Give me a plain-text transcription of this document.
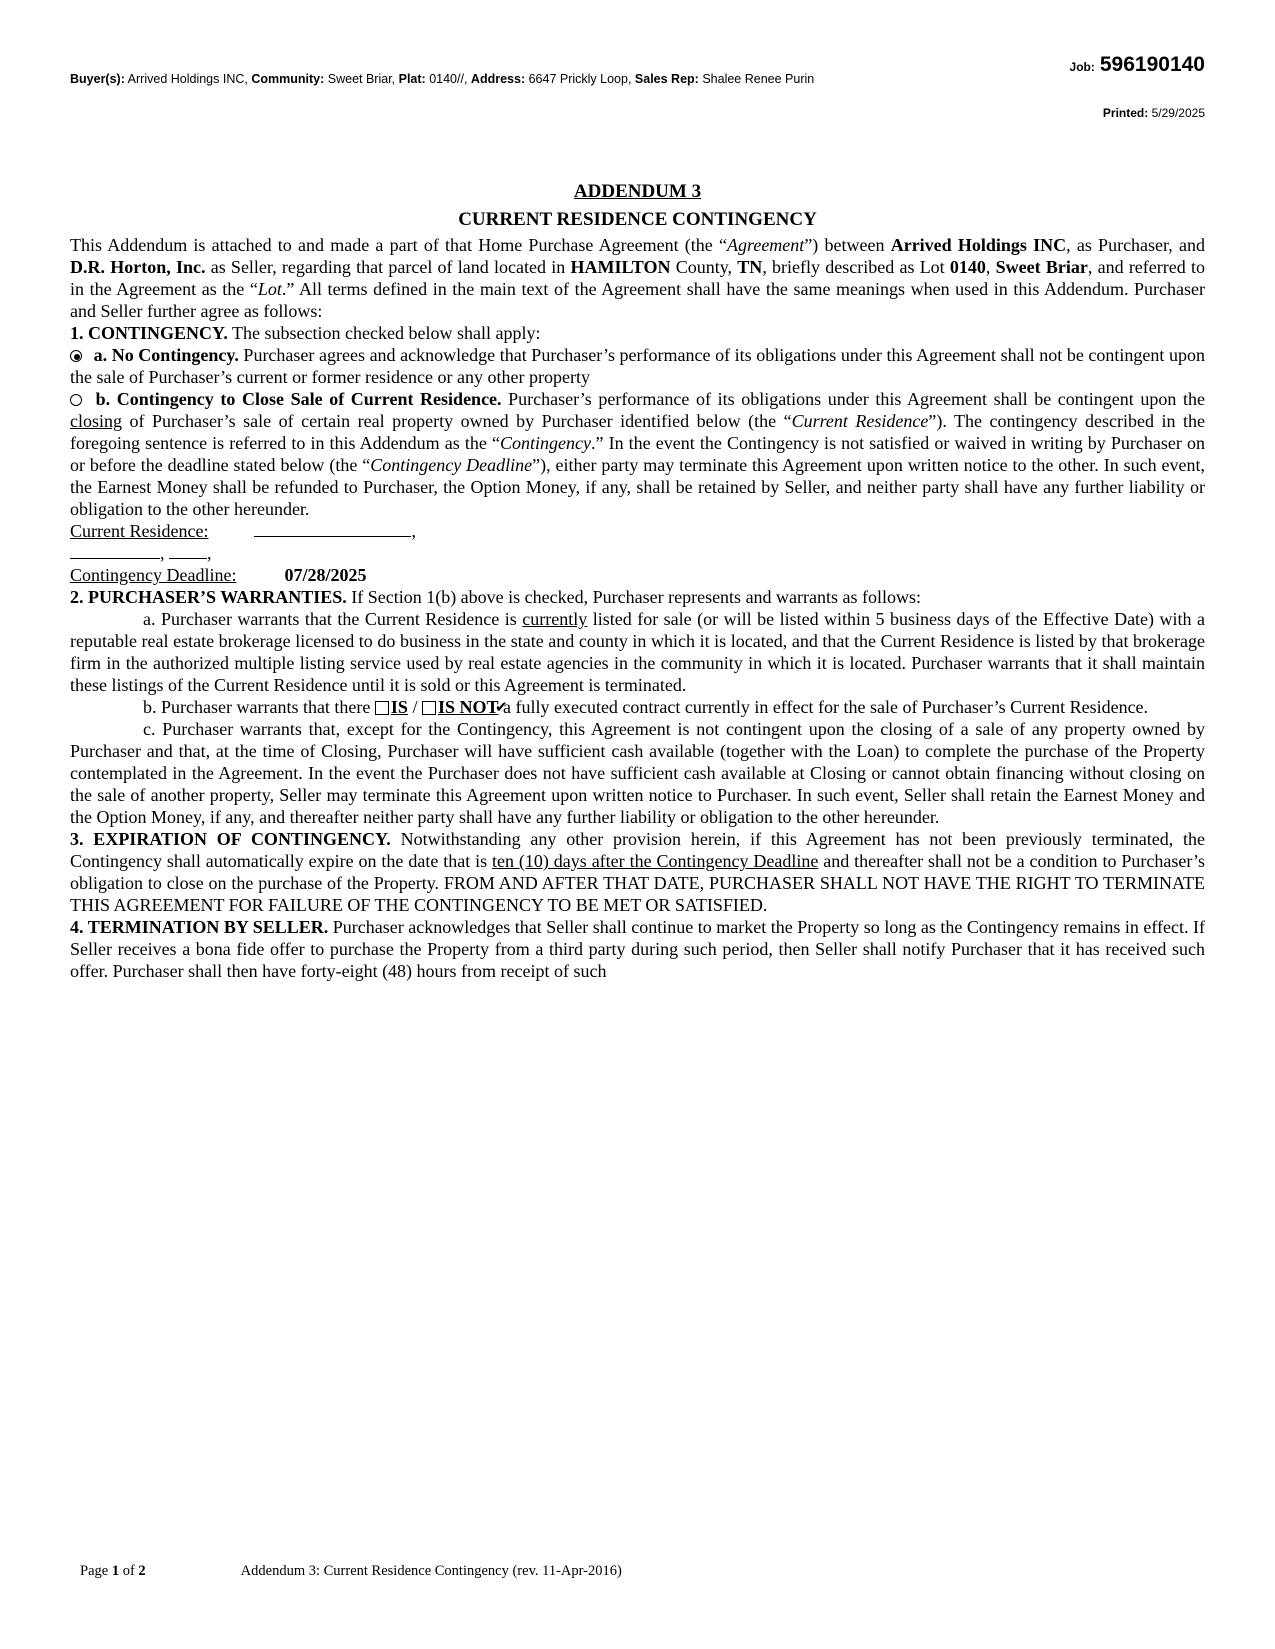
Buyer(s): Arrived Holdings INC, Community: Sweet Briar, Plat: 0140//, Address: 6647 Prickly Loop, Sales Rep: Shalee Renee Purin
Job: 596190140
Printed: 5/29/2025
ADDENDUM 3
CURRENT RESIDENCE CONTINGENCY

This Addendum is attached to and made a part of that Home Purchase Agreement (the “Agreement”) between Arrived Holdings INC, as Purchaser, and D.R. Horton, Inc. as Seller, regarding that parcel of land located in HAMILTON County, TN, briefly described as Lot 0140, Sweet Briar, and referred to in the Agreement as the “Lot.” All terms defined in the main text of the Agreement shall have the same meanings when used in this Addendum. Purchaser and Seller further agree as follows:

1. CONTINGENCY. The subsection checked below shall apply:

a. No Contingency. Purchaser agrees and acknowledge that Purchaser’s performance of its obligations under this Agreement shall not be contingent upon the sale of Purchaser’s current or former residence or any other property

b. Contingency to Close Sale of Current Residence. Purchaser’s performance of its obligations under this Agreement shall be contingent upon the closing of Purchaser’s sale of certain real property owned by Purchaser identified below (the “Current Residence”). The contingency described in the foregoing sentence is referred to in this Addendum as the “Contingency.” In the event the Contingency is not satisfied or waived in writing by Purchaser on or before the deadline stated below (the “Contingency Deadline”), either party may terminate this Agreement upon written notice to the other. In such event, the Earnest Money shall be refunded to Purchaser, the Option Money, if any, shall be retained by Seller, and neither party shall have any further liability or obligation to the other hereunder.

Current Residence:	,

, ,

Contingency Deadline:	07/28/2025

2. PURCHASER’S WARRANTIES. If Section 1(b) above is checked, Purchaser represents and warrants as follows:

a. Purchaser warrants that the Current Residence is currently listed for sale (or will be listed within 5 business days of the Effective Date) with a reputable real estate brokerage licensed to do business in the state and county in which it is located, and that the Current Residence is listed by that brokerage firm in the authorized multiple listing service used by real estate agencies in the community in which it is located. Purchaser warrants that it shall maintain these listings of the Current Residence until it is sold or this Agreement is terminated.

b. Purchaser warrants that there IS / ✔IS NOT a fully executed contract currently in effect for the sale of Purchaser’s Current Residence.

c. Purchaser warrants that, except for the Contingency, this Agreement is not contingent upon the closing of a sale of any property owned by Purchaser and that, at the time of Closing, Purchaser will have sufficient cash available (together with the Loan) to complete the purchase of the Property contemplated in the Agreement. In the event the Purchaser does not have sufficient cash available at Closing or cannot obtain financing without closing on the sale of another property, Seller may terminate this Agreement upon written notice to Purchaser. In such event, Seller shall retain the Earnest Money and the Option Money, if any, and thereafter neither party shall have any further liability or obligation to the other hereunder.

3. EXPIRATION OF CONTINGENCY. Notwithstanding any other provision herein, if this Agreement has not been previously terminated, the Contingency shall automatically expire on the date that is ten (10) days after the Contingency Deadline and thereafter shall not be a condition to Purchaser’s obligation to close on the purchase of the Property. FROM AND AFTER THAT DATE, PURCHASER SHALL NOT HAVE THE RIGHT TO TERMINATE THIS AGREEMENT FOR FAILURE OF THE CONTINGENCY TO BE MET OR SATISFIED.

4. TERMINATION BY SELLER. Purchaser acknowledges that Seller shall continue to market the Property so long as the Contingency remains in effect. If Seller receives a bona fide offer to purchase the Property from a third party during such period, then Seller shall notify Purchaser that it has received such offer. Purchaser shall then have forty-eight (48) hours from receipt of such

Page 1 of 2	Addendum 3: Current Residence Contingency (rev. 11-Apr-2016)
